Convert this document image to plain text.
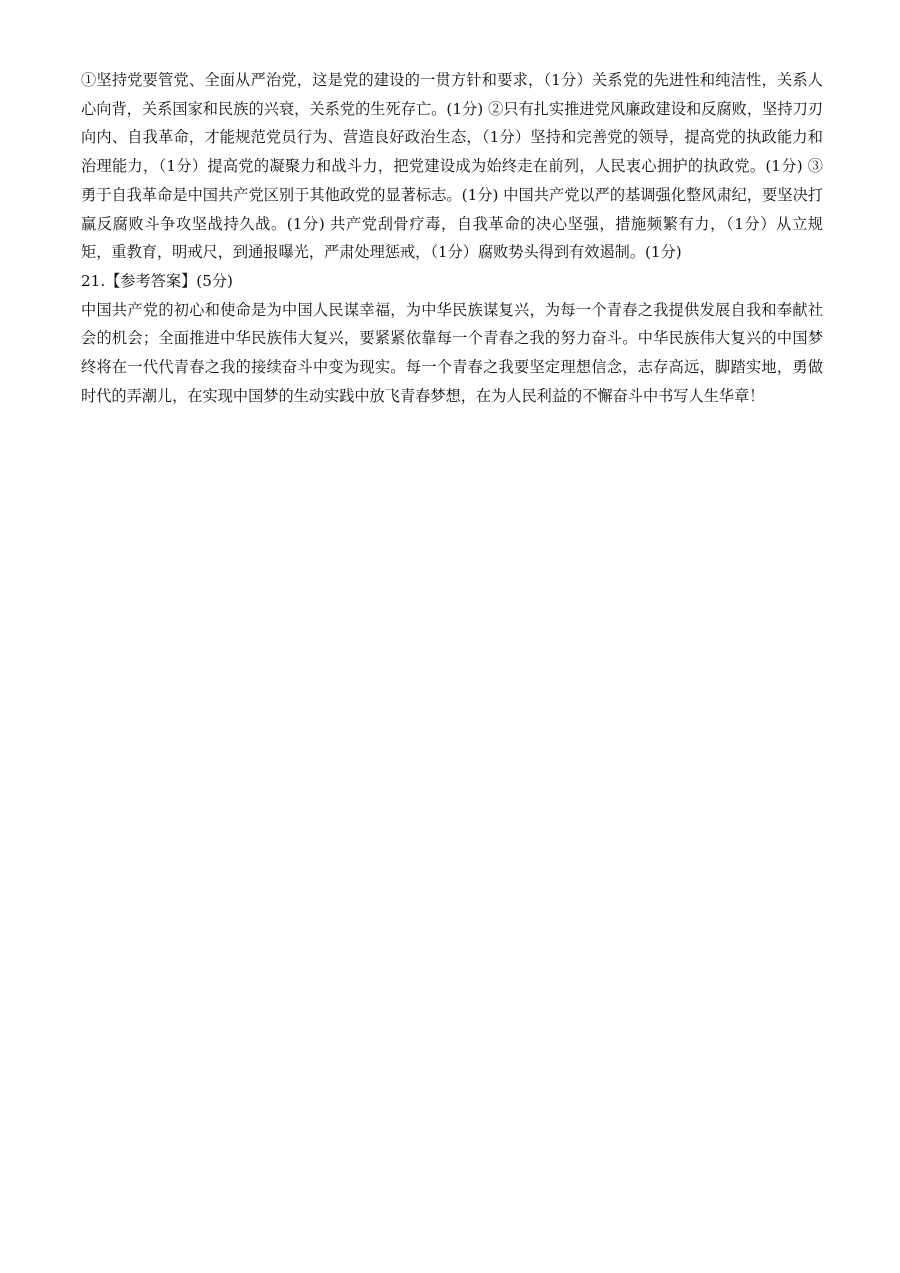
①坚持党要管党、全面从严治党，这是党的建设的一贯方针和要求，（1分）关系党的先进性和纯洁性，关系人心向背，关系国家和民族的兴衰，关系党的生死存亡。(1分) ②只有扎实推进党风廉政建设和反腐败，坚持刀刃向内、自我革命，才能规范党员行为、营造良好政治生态，（1分）坚持和完善党的领导，提高党的执政能力和治理能力，（1分）提高党的凝聚力和战斗力，把党建设成为始终走在前列，人民衷心拥护的执政党。(1分) ③勇于自我革命是中国共产党区别于其他政党的显著标志。(1分) 中国共产党以严的基调强化整风肃纪，要坚决打赢反腐败斗争攻坚战持久战。(1分) 共产党刮骨疗毒，自我革命的决心坚强，措施频繁有力，（1分）从立规矩，重教育，明戒尺，到通报曝光，严肃处理惩戒，（1分）腐败势头得到有效遏制。(1分)

21.【参考答案】(5分)

中国共产党的初心和使命是为中国人民谋幸福，为中华民族谋复兴，为每一个青春之我提供发展自我和奉献社会的机会；全面推进中华民族伟大复兴，要紧紧依靠每一个青春之我的努力奋斗。中华民族伟大复兴的中国梦终将在一代代青春之我的接续奋斗中变为现实。每一个青春之我要坚定理想信念，志存高远，脚踏实地，勇做时代的弄潮儿，在实现中国梦的生动实践中放飞青春梦想，在为人民利益的不懈奋斗中书写人生华章！
